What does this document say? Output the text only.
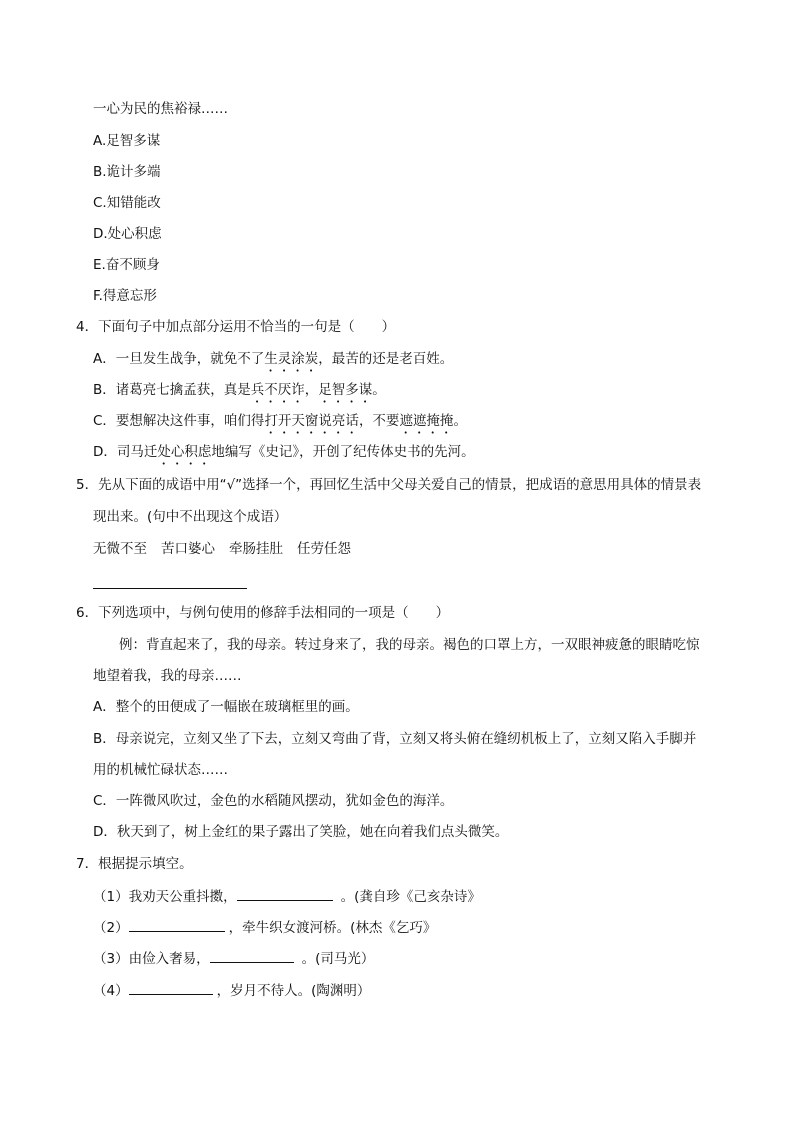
一心为民的焦裕禄……
A.足智多谋
B.诡计多端
C.知错能改
D.处心积虑
E.奋不顾身
F.得意忘形
4．下面句子中加点部分运用不恰当的一句是（　　）
A．一旦发生战争，就免不了生灵涂炭，最苦的还是老百姓。
B．诸葛亮七擒孟获，真是兵不厌诈，足智多谋。
C．要想解决这件事，咱们得打开天窗说亮话，不要遮遮掩掩。
D．司马迁处心积虑地编写《史记》，开创了纪传体史书的先河。
5．先从下面的成语中用“√”选择一个，再回忆生活中父母关爱自己的情景，把成语的意思用具体的情景表
现出来。(句中不出现这个成语）
无微不至 苦口婆心 牵肠挂肚 任劳任怨
6．下列选项中，与例句使用的修辞手法相同的一项是（　　）
例：背直起来了，我的母亲。转过身来了，我的母亲。褐色的口罩上方，一双眼神疲惫的眼睛吃惊
地望着我，我的母亲……
A．整个的田便成了一幅嵌在玻璃框里的画。
B．母亲说完，立刻又坐了下去，立刻又弯曲了背，立刻又将头俯在缝纫机板上了，立刻又陷入手脚并
用的机械忙碌状态……
C．一阵微风吹过，金色的水稻随风摆动，犹如金色的海洋。
D．秋天到了，树上金红的果子露出了笑脸，她在向着我们点头微笑。
7．根据提示填空。
（1）我劝天公重抖擞，	。(龚自珍《己亥杂诗》
（2）	，牵牛织女渡河桥。(林杰《乞巧》
（3）由俭入奢易，	。(司马光）
（4）	，岁月不待人。(陶渊明）
